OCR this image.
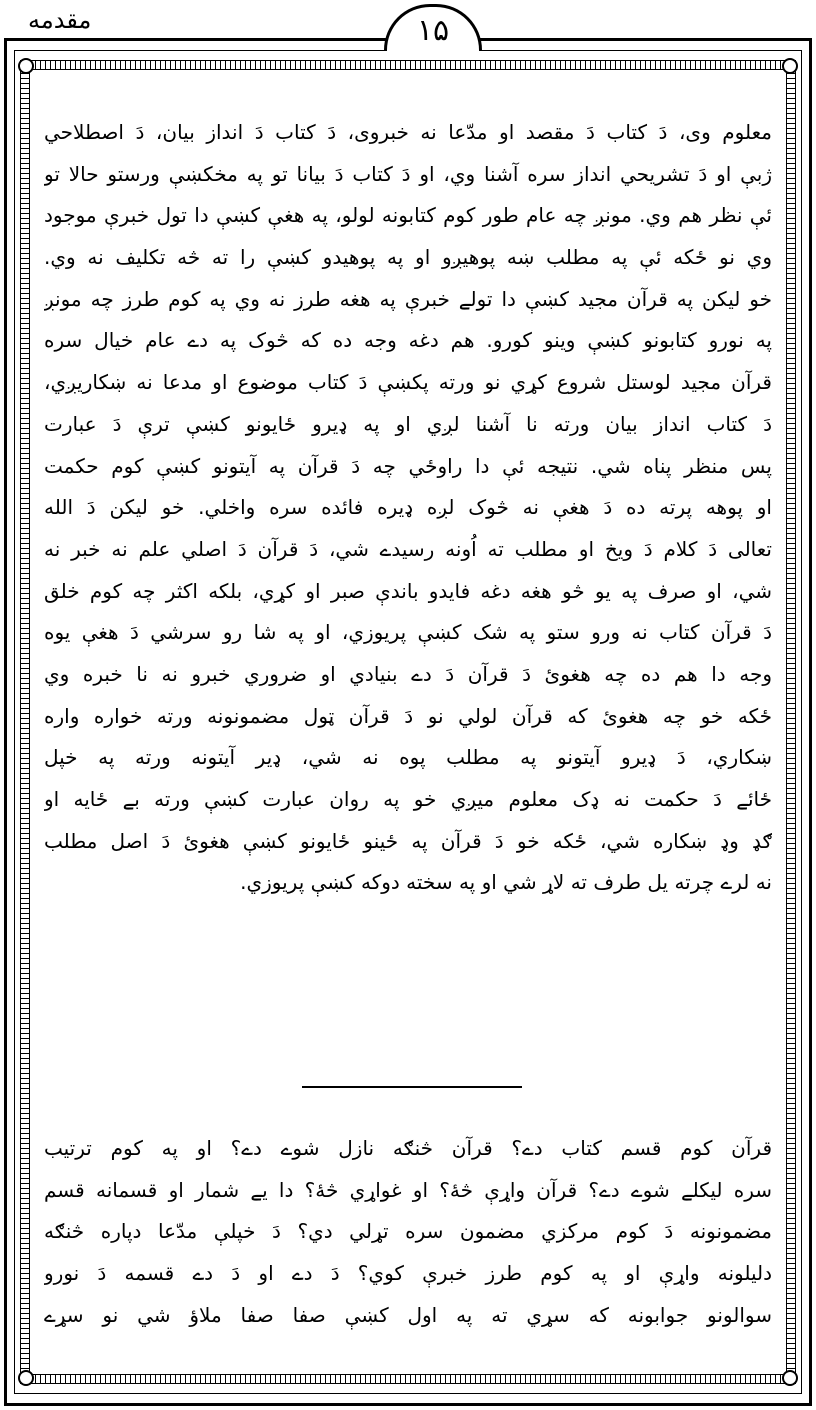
مقدمه	۱۵
معلوم وی، دَ کتاب دَ مقصد او مدّعا نه خبروی، دَ کتاب دَ انداز بیان، دَ اصطلاحي
ژبې او دَ تشریحي انداز سره آشنا وي، او دَ کتاب دَ بیانا تو په مخکښې ورستو حالا تو
ئې نظر هم وي. مونږ چه عام طور کوم کتابونه لولو، په هغې کښې دا تول خبرې موجود
وي نو ځکه ئې په مطلب ښه پوهیږو او په پوهیدو کښې را ته څه تکلیف نه وي.
خو لیکن په قرآن مجید کښې دا تولے خبرې په هغه طرز نه وي په کوم طرز چه مونږ
په نورو کتابونو کښې وینو کورو. هم دغه وجه ده که څوک په دے عام خیال سره
قرآن مجید لوستل شروع کړي نو ورته پکښې دَ کتاب موضوع او مدعا نه ښکاریږي،
دَ کتاب انداز بیان ورته نا آشنا لږي او په ډیرو ځایونو کښې ترې دَ عبارت
پس منظر پناه شي. نتیجه ئې دا راوځي چه دَ قرآن په آیتونو کښې کوم حکمت
او پوهه پرته ده دَ هغې نه څوک لږه ډیره فائده سره واخلي. خو لیکن دَ الله
تعالی دَ کلام دَ ویخ او مطلب ته اُونه رسیدے شي، دَ قرآن دَ اصلي علم نه خبر نه
شي، او صرف په یو څو هغه دغه فایدو باندې صبر او کړي، بلکه اکثر چه کوم خلق
دَ قرآن کتاب نه ورو ستو په شک کښې پریوزي، او په شا رو سرشي دَ هغې یوه
وجه دا هم ده چه هغوئ دَ قرآن دَ دے بنیادي او ضروري خبرو نه نا خبره وي
ځکه خو چه هغوئ که قرآن لولي نو دَ قرآن ټول مضمونونه ورته خواره واره
ښکاري، دَ ډیرو آیتونو په مطلب پوه نه شي، ډیر آیتونه ورته په خپل
ځائے دَ حکمت نه ډک معلوم میږي خو په روان عبارت کښې ورته بے ځایه او
ګډ وډ ښکاره شي، ځکه خو دَ قرآن په ځینو ځایونو کښې هغوئ دَ اصل مطلب
نه لرے چرته یل طرف ته لاړ شي او په سخته دوکه کښې پریوزي.
قرآن کوم قسم کتاب دے؟ قرآن څنګه نازل شوے دے؟ او په کوم ترتیب
سره لیکلے شوے دے؟ قرآن واړې څهٔ؟ او غواړي څهٔ؟ دا یے شمار او قسمانه قسم
مضمونونه دَ کوم مرکزي مضمون سره تړلي دي؟ دَ خپلې مدّعا دپاره څنګه
دلیلونه واړې او په کوم طرز خبرې کوي؟ دَ دے او دَ دے قسمه دَ نورو
سوالونو جوابونه که سړي ته په اول کښې صفا صفا ملاؤ شي نو سړے
